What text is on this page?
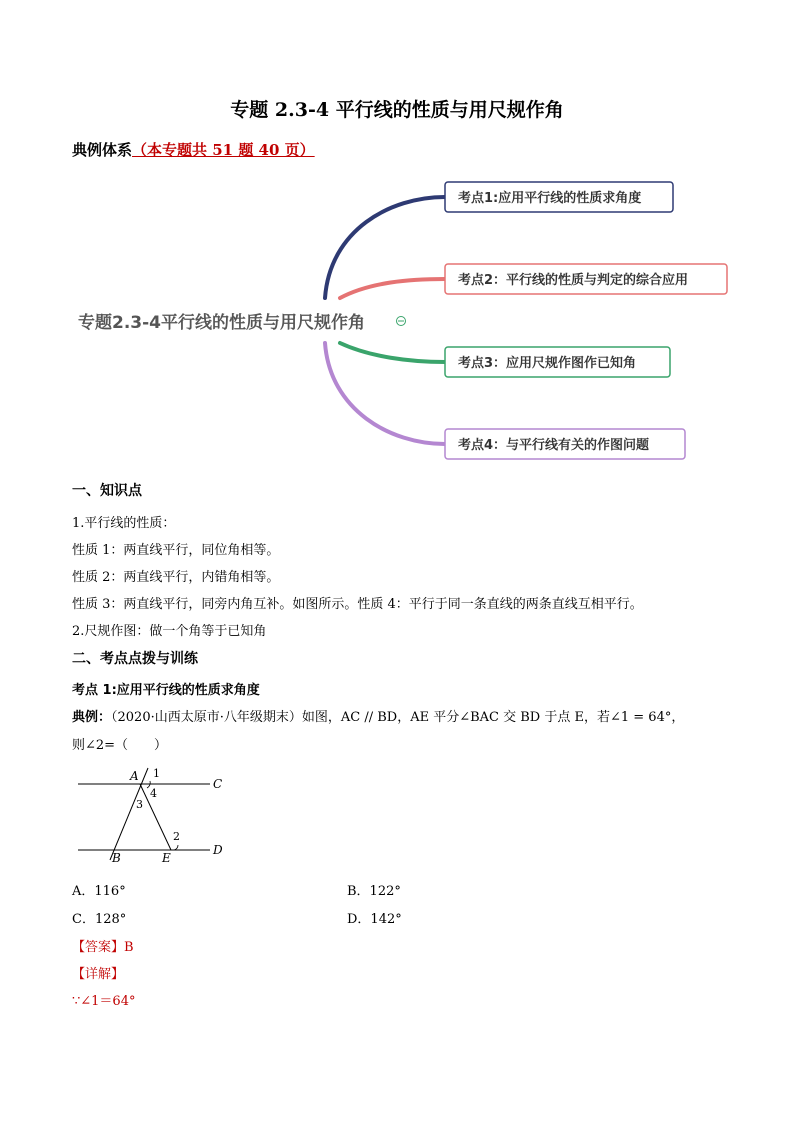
专题 2.3-4 平行线的性质与用尺规作角
典例体系（本专题共 51 题 40 页）
专题2.3-4平行线的性质与用尺规作角
考点1:应用平行线的性质求角度
考点2：平行线的性质与判定的综合应用
考点3：应用尺规作图作已知角
考点4：与平行线有关的作图问题
一、知识点
1.平行线的性质：
性质 1：两直线平行，同位角相等。
性质 2：两直线平行，内错角相等。
性质 3：两直线平行，同旁内角互补。如图所示。性质 4：平行于同一条直线的两条直线互相平行。
2.尺规作图：做一个角等于已知角
二、考点点拨与训练
考点 1:应用平行线的性质求角度
典例：（2020·山西太原市·八年级期末）如图，AC // BD，AE 平分∠BAC 交 BD 于点 E，若∠1 = 64°，
则∠2=（　　）
A
C
B	E
D
1
4
3
2
A．116°	B．122°
C．128°	D．142°
【答案】B
【详解】
∵∠1＝64°
